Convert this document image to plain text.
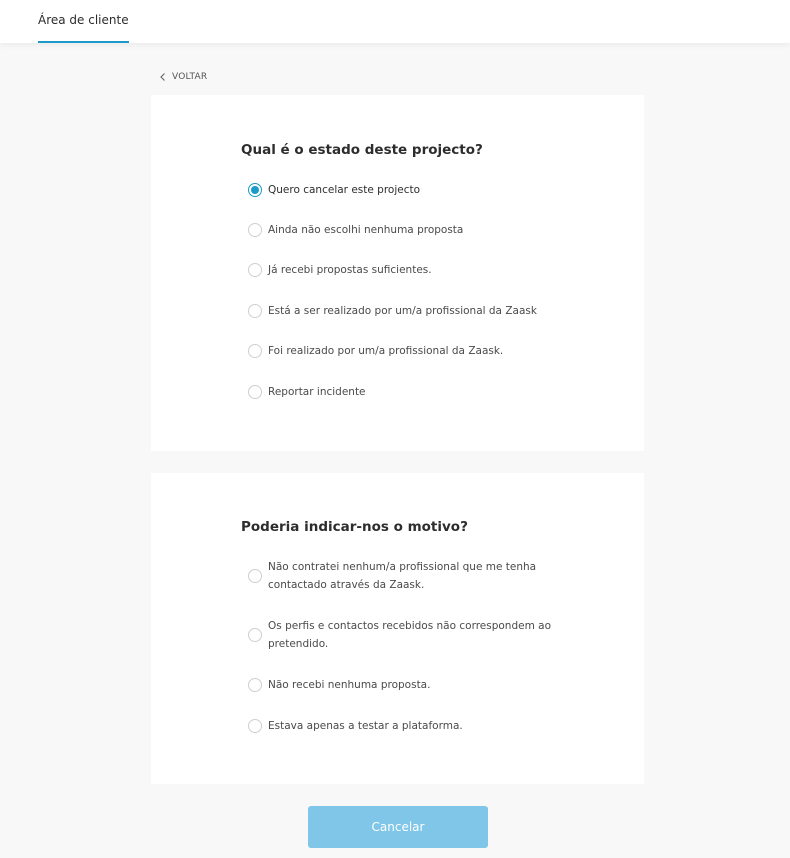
Área de cliente
VOLTAR
Qual é o estado deste projecto?
Quero cancelar este projecto
Ainda não escolhi nenhuma proposta
Já recebi propostas suficientes.
Está a ser realizado por um/a profissional da Zaask
Foi realizado por um/a profissional da Zaask.
Reportar incidente
Poderia indicar-nos o motivo?
Não contratei nenhum/a profissional que me tenha contactado através da Zaask.
Os perfis e contactos recebidos não correspondem ao pretendido.
Não recebi nenhuma proposta.
Estava apenas a testar a plataforma.
Cancelar
